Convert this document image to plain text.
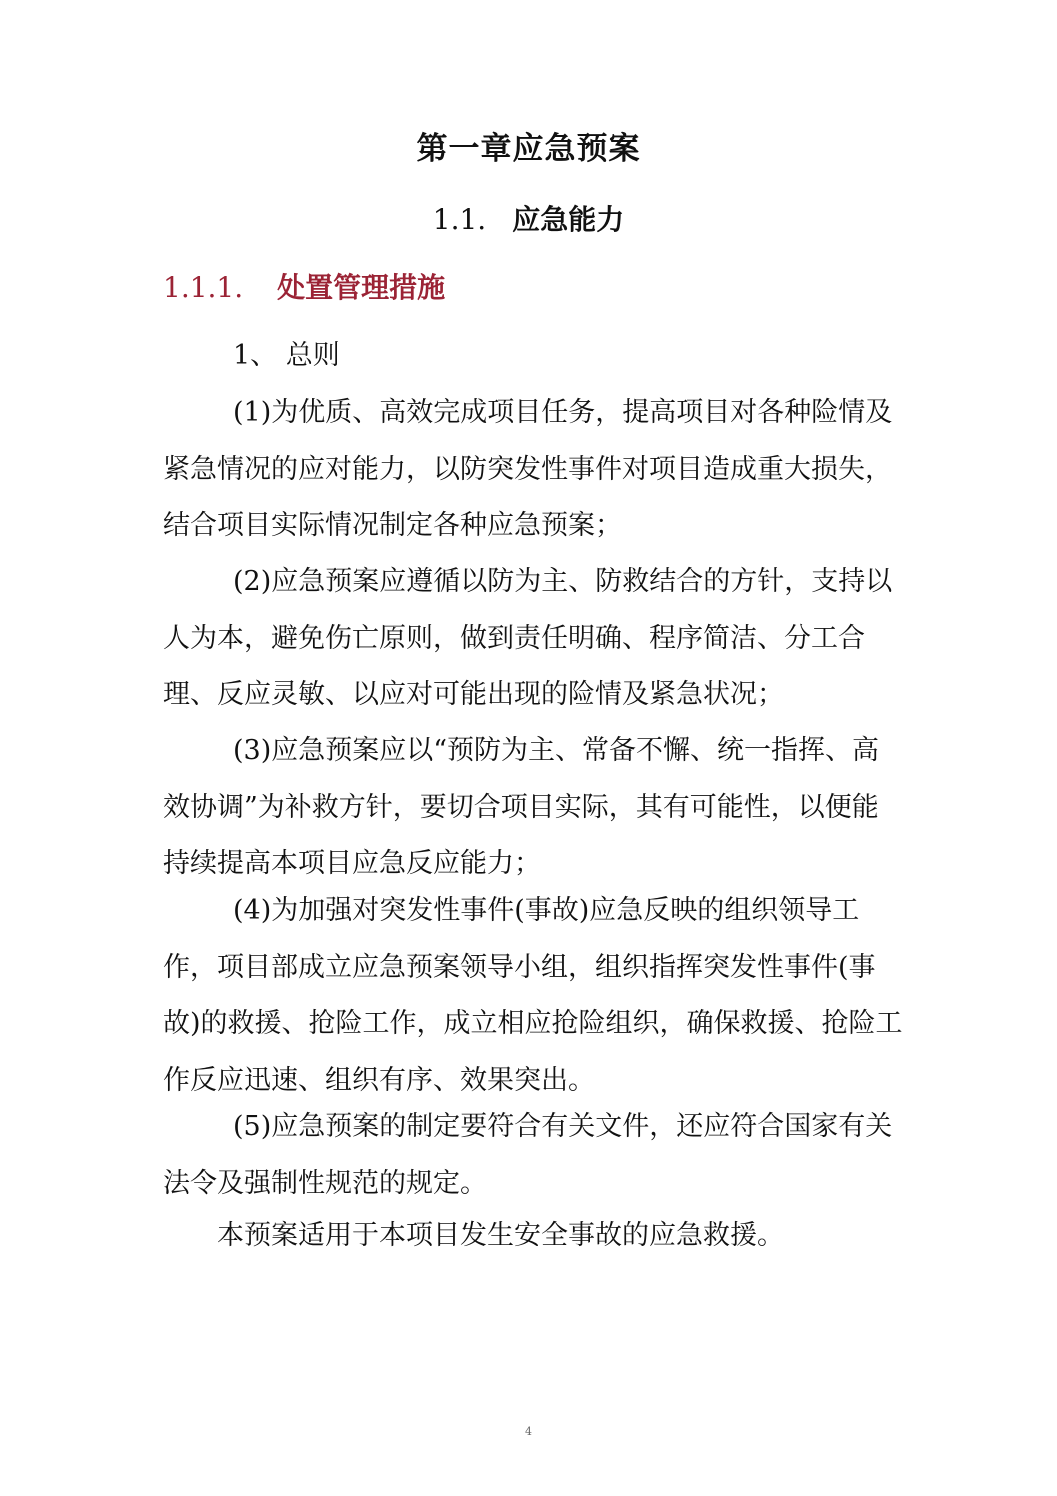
第一章应急预案
1.1. 应急能力
1.1.1. 处置管理措施

1、 总则

(1)为优质、高效完成项目任务，提高项目对各种险情及紧急情况的应对能力，以防突发性事件对项目造成重大损失，结合项目实际情况制定各种应急预案；

(2)应急预案应遵循以防为主、防救结合的方针，支持以人为本，避免伤亡原则，做到责任明确、程序简洁、分工合理、反应灵敏、以应对可能出现的险情及紧急状况；

(3)应急预案应以“预防为主、常备不懈、统一指挥、高效协调”为补救方针，要切合项目实际，其有可能性，以便能持续提高本项目应急反应能力；

(4)为加强对突发性事件(事故)应急反映的组织领导工作，项目部成立应急预案领导小组，组织指挥突发性事件(事故)的救援、抢险工作，成立相应抢险组织，确保救援、抢险工作反应迅速、组织有序、效果突出。

(5)应急预案的制定要符合有关文件，还应符合国家有关法令及强制性规范的规定。

本预案适用于本项目发生安全事故的应急救援。

4
